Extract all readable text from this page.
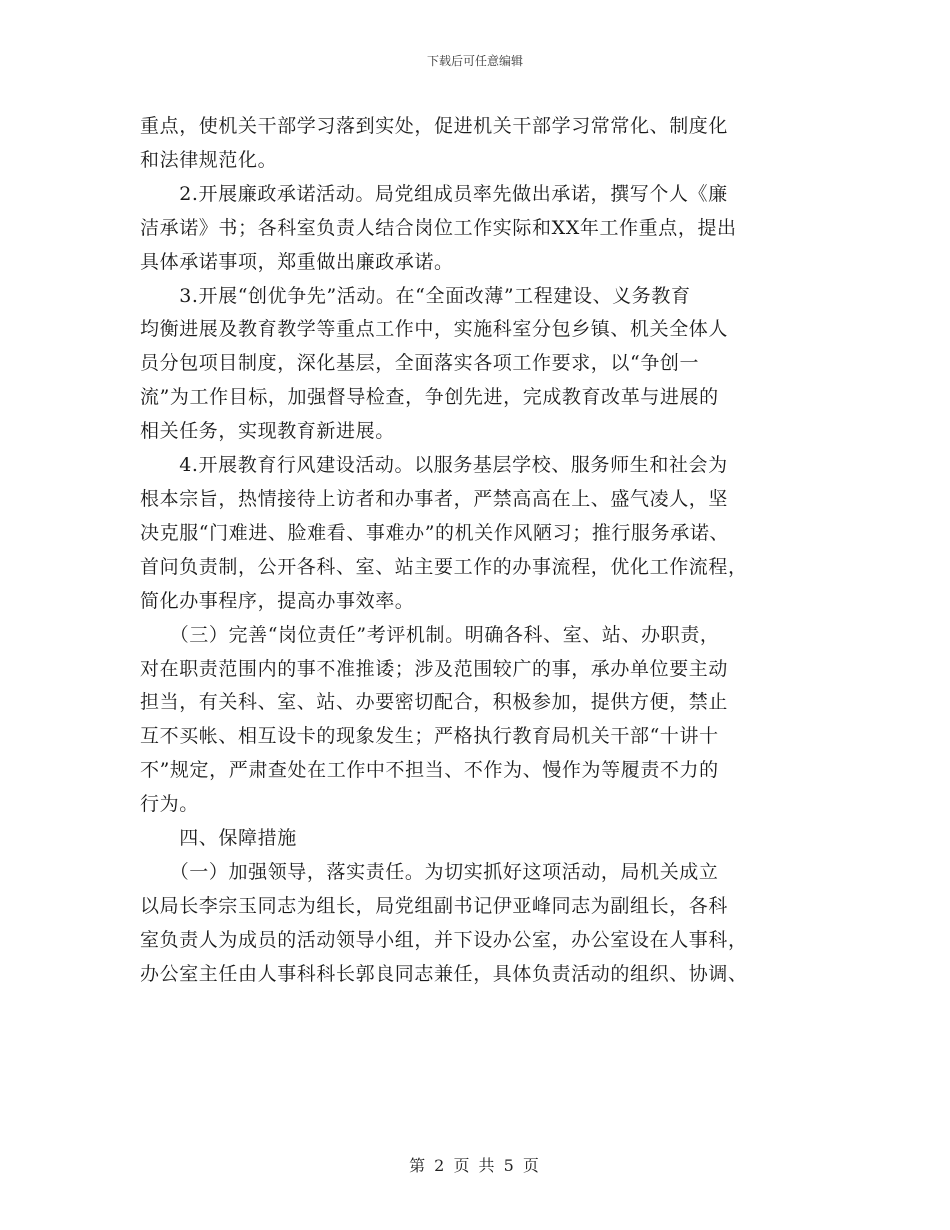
下载后可任意编辑

重点，使机关干部学习落到实处，促进机关干部学习常常化、制度化
和法律规范化。
　　2.开展廉政承诺活动。局党组成员率先做出承诺，撰写个人《廉
洁承诺》书；各科室负责人结合岗位工作实际和XX年工作重点，提出
具体承诺事项，郑重做出廉政承诺。
　　3.开展“创优争先”活动。在“全面改薄”工程建设、义务教育
均衡进展及教育教学等重点工作中，实施科室分包乡镇、机关全体人
员分包项目制度，深化基层，全面落实各项工作要求，以“争创一
流”为工作目标，加强督导检查，争创先进，完成教育改革与进展的
相关任务，实现教育新进展。
　　4.开展教育行风建设活动。以服务基层学校、服务师生和社会为
根本宗旨，热情接待上访者和办事者，严禁高高在上、盛气凌人，坚
决克服“门难进、脸难看、事难办”的机关作风陋习；推行服务承诺、
首问负责制，公开各科、室、站主要工作的办事流程，优化工作流程，
简化办事程序，提高办事效率。
　　（三）完善“岗位责任”考评机制。明确各科、室、站、办职责，
对在职责范围内的事不准推诿；涉及范围较广的事，承办单位要主动
担当，有关科、室、站、办要密切配合，积极参加，提供方便，禁止
互不买帐、相互设卡的现象发生；严格执行教育局机关干部“十讲十
不”规定，严肃查处在工作中不担当、不作为、慢作为等履责不力的
行为。
　　四、保障措施
　　（一）加强领导，落实责任。为切实抓好这项活动，局机关成立
以局长李宗玉同志为组长，局党组副书记伊亚峰同志为副组长，各科
室负责人为成员的活动领导小组，并下设办公室，办公室设在人事科，
办公室主任由人事科科长郭良同志兼任，具体负责活动的组织、协调、

第 2 页 共 5 页
